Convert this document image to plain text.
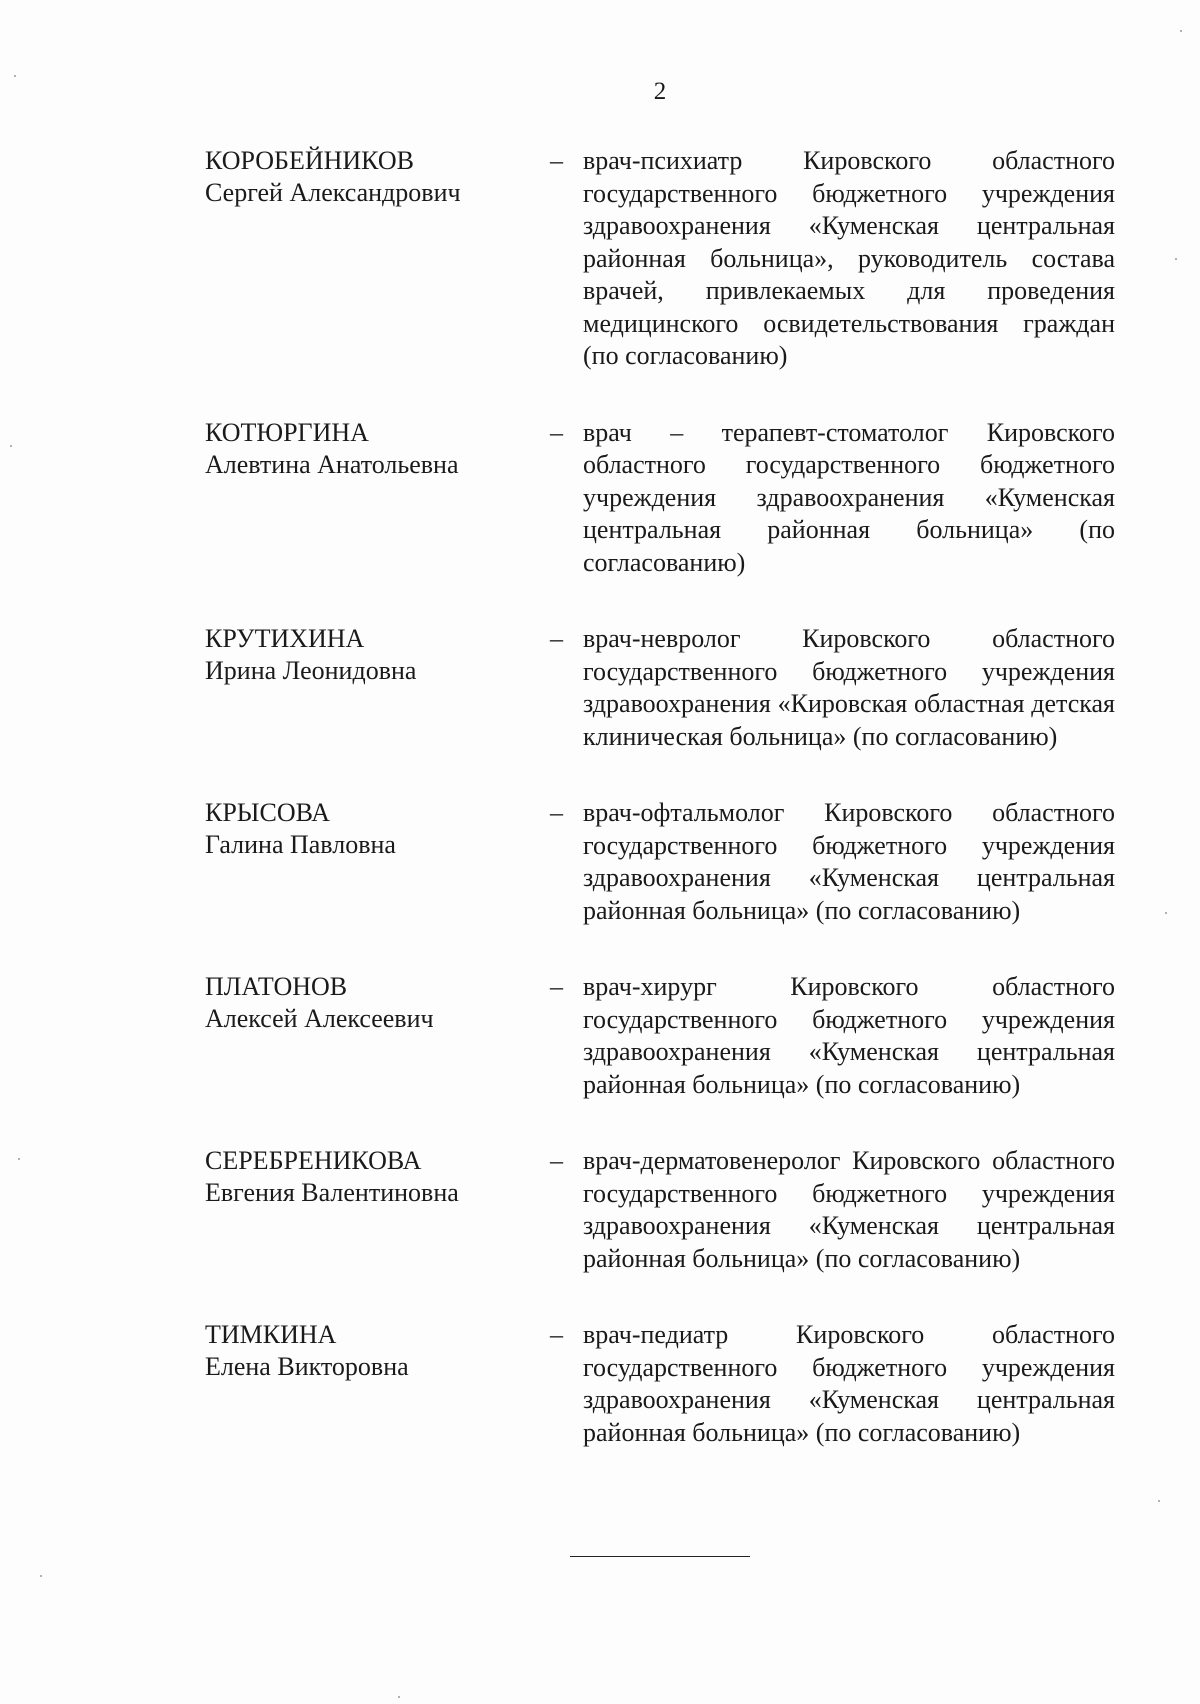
2
КОРОБЕЙНИКОВ
Сергей Александрович
– врач-психиатр Кировского областного государственного бюджетного учреждения здравоохранения «Куменская центральная районная больница», руководитель состава врачей, привлекаемых для проведения медицинского освидетельствования граждан (по согласованию)
КОТЮРГИНА
Алевтина Анатольевна
– врач – терапевт-стоматолог Кировского областного государственного бюджетного учреждения здравоохранения «Куменская центральная районная больница» (по согласованию)
КРУТИХИНА
Ирина Леонидовна
– врач-невролог Кировского областного государственного бюджетного учреждения здравоохранения «Кировская областная детская клиническая больница» (по согласованию)
КРЫСОВА
Галина Павловна
– врач-офтальмолог Кировского областного государственного бюджетного учреждения здравоохранения «Куменская центральная районная больница» (по согласованию)
ПЛАТОНОВ
Алексей Алексеевич
– врач-хирург Кировского областного государственного бюджетного учреждения здравоохранения «Куменская центральная районная больница» (по согласованию)
СЕРЕБРЕНИКОВА
Евгения Валентиновна
– врач-дерматовенеролог Кировского областного государственного бюджетного учреждения здравоохранения «Куменская центральная районная больница» (по согласованию)
ТИМКИНА
Елена Викторовна
– врач-педиатр Кировского областного государственного бюджетного учреждения здравоохранения «Куменская центральная районная больница» (по согласованию)
